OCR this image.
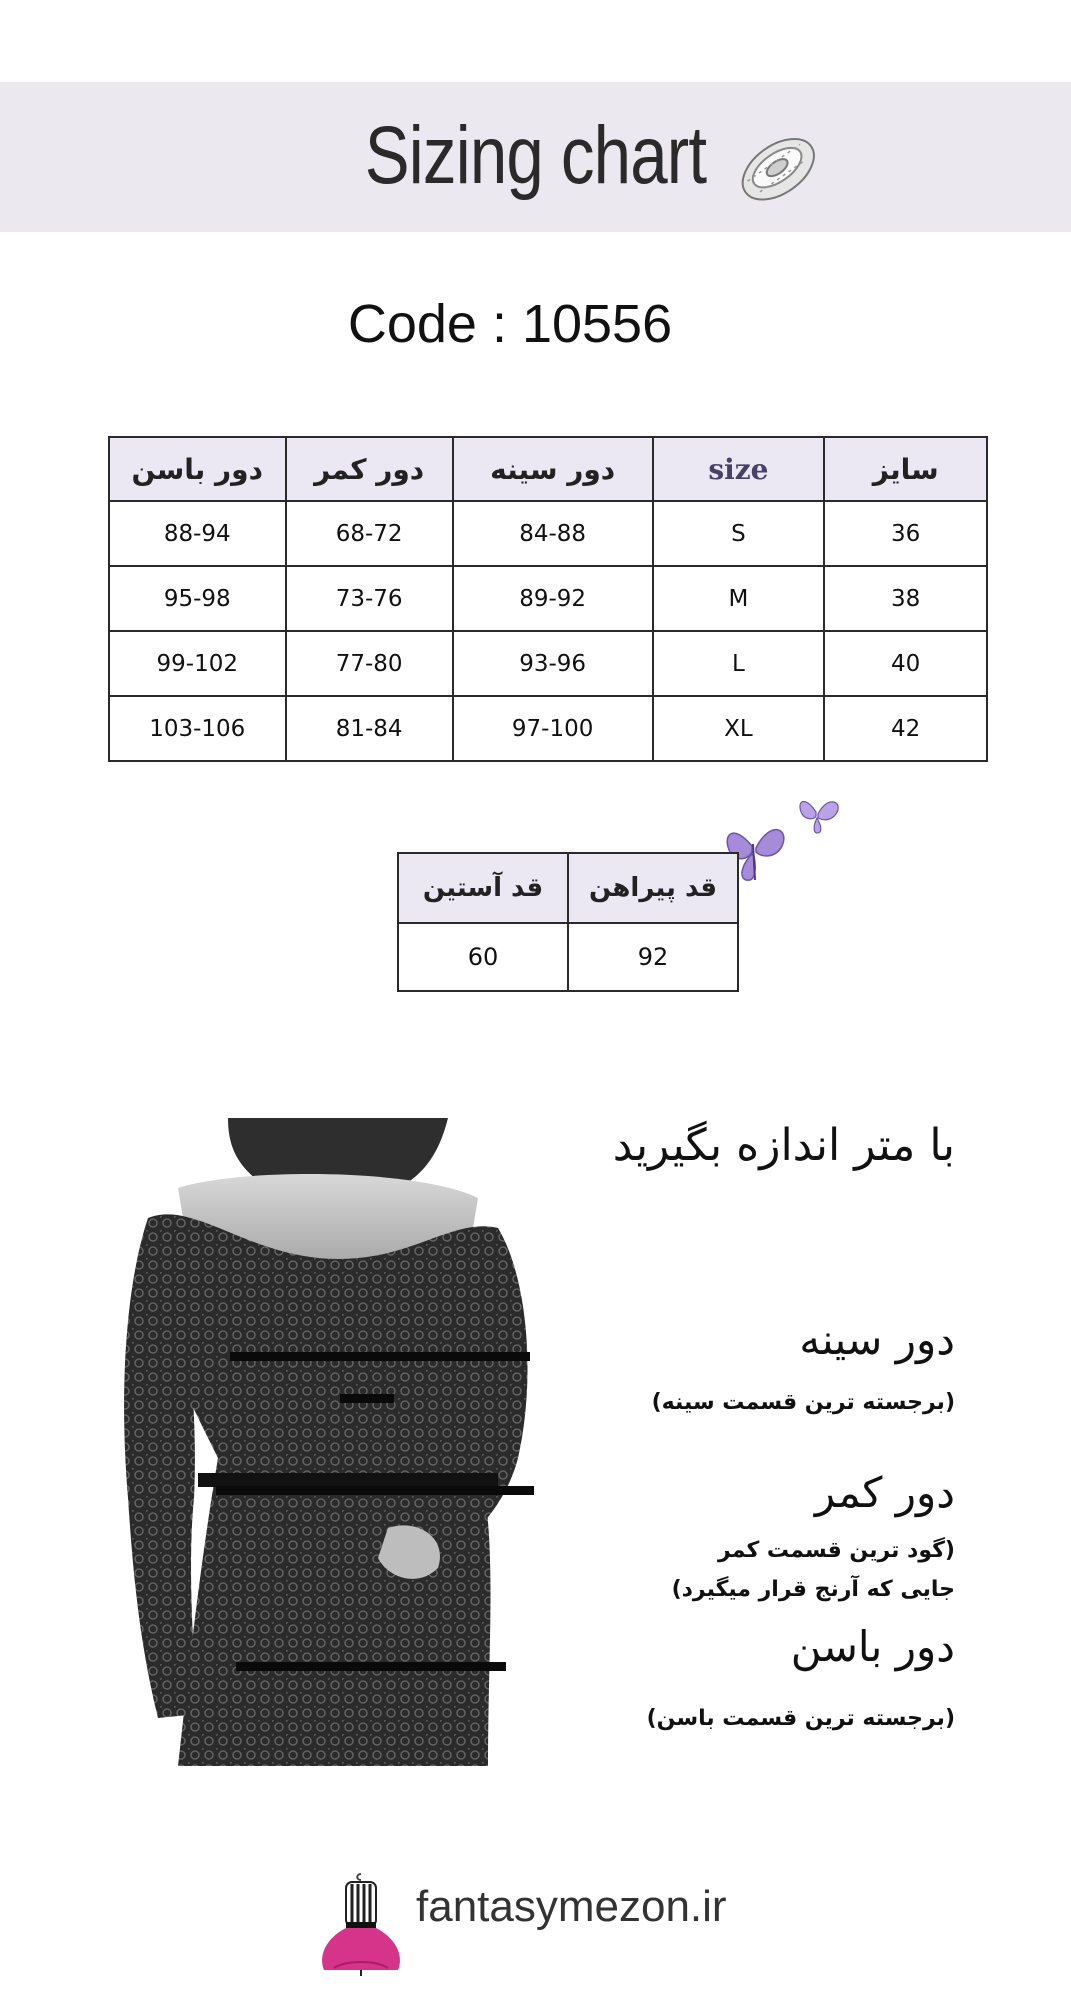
Sizing chart
Code : 10556
دور باسن	دور کمر	دور سینه	size	سایز
88-94	68-72	84-88	S	36
95-98	73-76	89-92	M	38
99-102	77-80	93-96	L	40
103-106	81-84	97-100	XL	42
قد آستین	قد پیراهن
60	92
با متر اندازه بگیرید
دور سینه
(برجسته ترین قسمت سینه)
دور کمر
(گود ترین قسمت کمر
جایی که آرنج قرار میگیرد)
دور باسن
(برجسته ترین قسمت باسن)
fantasymezon.ir
